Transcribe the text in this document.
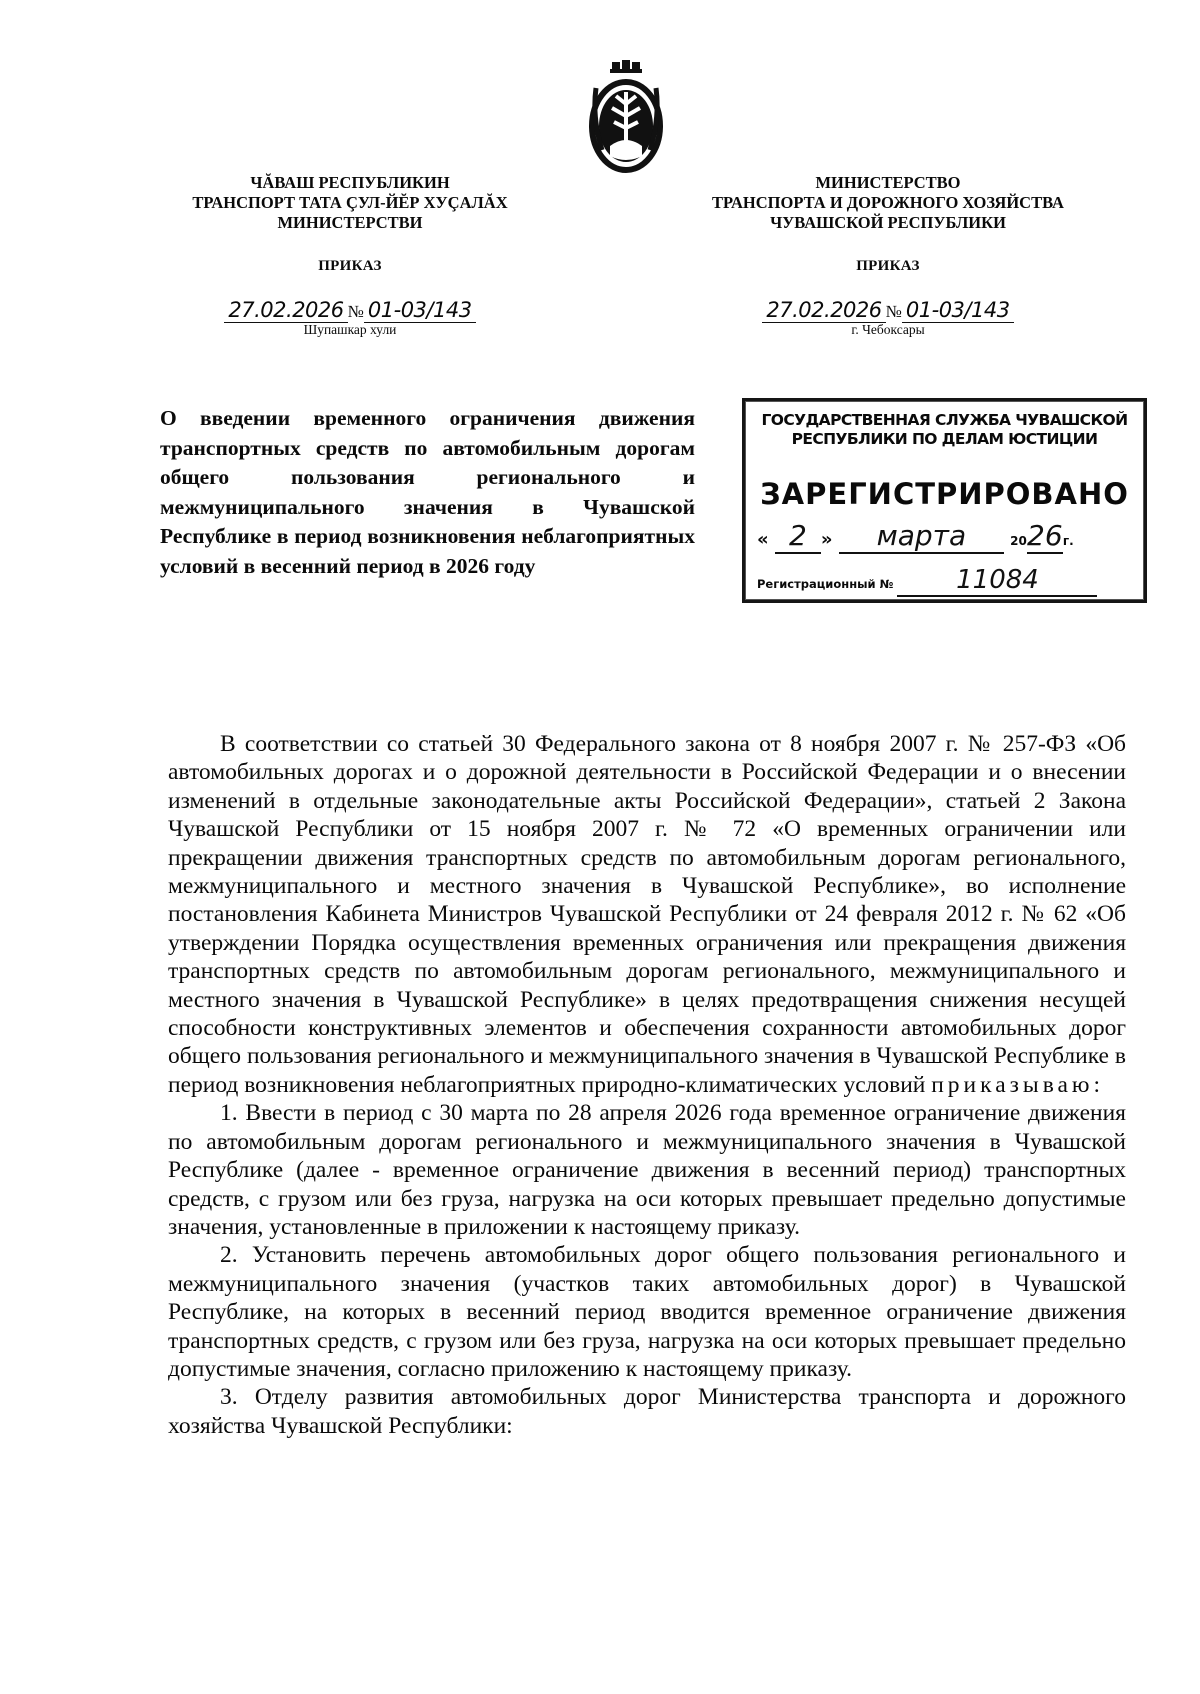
ЧĂВАШ РЕСПУБЛИКИН
ТРАНСПОРТ ТАТА ÇУЛ-ЙĔР ХУÇАЛĂХ
МИНИСТЕРСТВИ
МИНИСТЕРСТВО
ТРАНСПОРТА И ДОРОЖНОГО ХОЗЯЙСТВА
ЧУВАШСКОЙ РЕСПУБЛИКИ
ПРИКАЗ	ПРИКАЗ
27.02.2026 № 01-03/143
Шупашкар хули
27.02.2026 № 01-03/143
г. Чебоксары
О введении временного ограничения движения транспортных средств по автомобильным дорогам общего пользования регионального и межмуниципального значения в Чувашской Республике в период возникновения неблагоприятных условий в весенний период в 2026 году
ГОСУДАРСТВЕННАЯ СЛУЖБА ЧУВАШСКОЙ
РЕСПУБЛИКИ ПО ДЕЛАМ ЮСТИЦИИ
ЗАРЕГИСТРИРОВАНО
« 2 » марта	2026г.
Регистрационный № 11084

В соответствии со статьей 30 Федерального закона от 8 ноября 2007 г. № 257-ФЗ «Об автомобильных дорогах и о дорожной деятельности в Российской Федерации и о внесении изменений в отдельные законодательные акты Российской Федерации», статьей 2 Закона Чувашской Республики от 15 ноября 2007 г. № 72 «О временных ограничении или прекращении движения транспортных средств по автомобильным дорогам регионального, межмуниципального и местного значения в Чувашской Республике», во исполнение постановления Кабинета Министров Чувашской Республики от 24 февраля 2012 г. № 62 «Об утверждении Порядка осуществления временных ограничения или прекращения движения транспортных средств по автомобильным дорогам регионального, межмуниципального и местного значения в Чувашской Республике» в целях предотвращения снижения несущей способности конструктивных элементов и обеспечения сохранности автомобильных дорог общего пользования регионального и межмуниципального значения в Чувашской Республике в период возникновения неблагоприятных природно-климатических условий приказываю:

1. Ввести в период с 30 марта по 28 апреля 2026 года временное ограничение движения по автомобильным дорогам регионального и межмуниципального значения в Чувашской Республике (далее - временное ограничение движения в весенний период) транспортных средств, с грузом или без груза, нагрузка на оси которых превышает предельно допустимые значения, установленные в приложении к настоящему приказу.

2. Установить перечень автомобильных дорог общего пользования регионального и межмуниципального значения (участков таких автомобильных дорог) в Чувашской Республике, на которых в весенний период вводится временное ограничение движения транспортных средств, с грузом или без груза, нагрузка на оси которых превышает предельно допустимые значения, согласно приложению к настоящему приказу.

3. Отделу развития автомобильных дорог Министерства транспорта и дорожного хозяйства Чувашской Республики:
